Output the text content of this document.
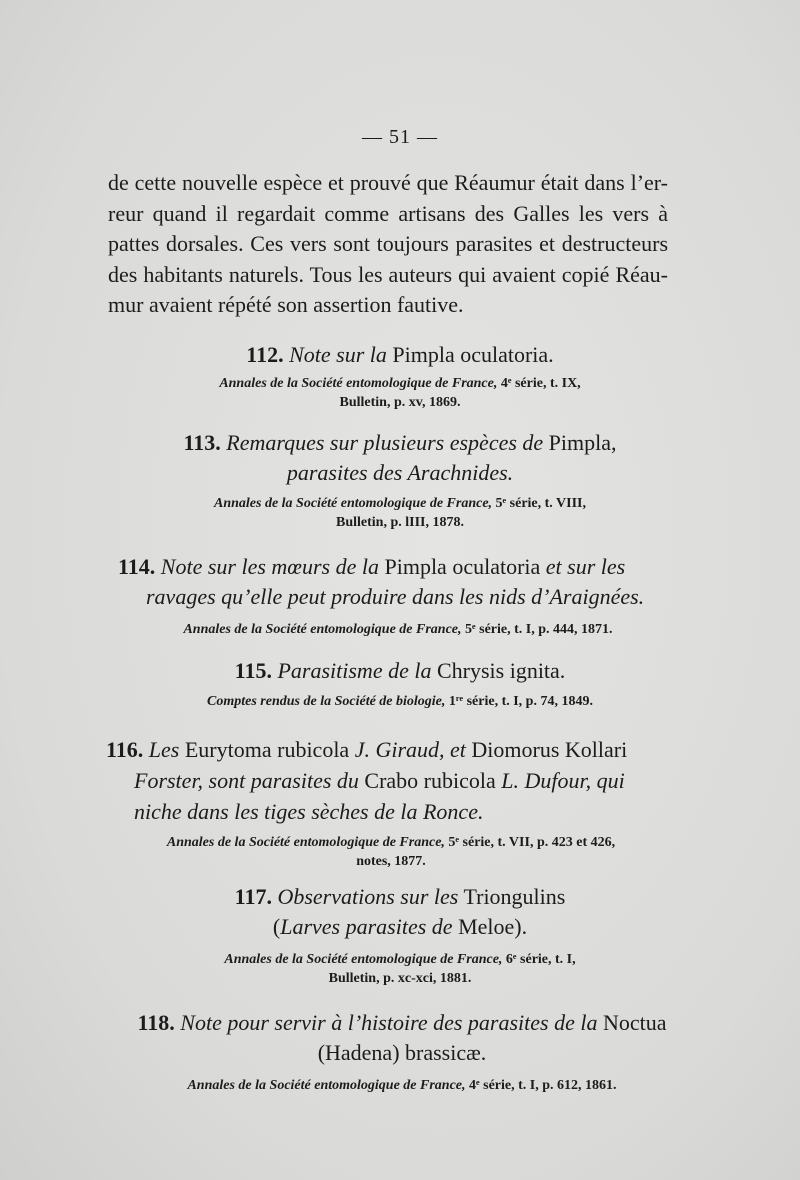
— 51 —
de cette nouvelle espèce et prouvé que Réaumur était dans l’er-
reur quand il regardait comme artisans des Galles les vers à
pattes dorsales. Ces vers sont toujours parasites et destructeurs
des habitants naturels. Tous les auteurs qui avaient copié Réau-
mur avaient répété son assertion fautive.
112. Note sur la Pimpla oculatoria.
Annales de la Société entomologique de France, 4ᵉ série, t. IX,
Bulletin, p. xv, 1869.
113. Remarques sur plusieurs espèces de Pimpla,
parasites des Arachnides.
Annales de la Société entomologique de France, 5ᵉ série, t. VIII,
Bulletin, p. lIII, 1878.
114. Note sur les mœurs de la Pimpla oculatoria et sur les
ravages qu’elle peut produire dans les nids d’Araignées.
Annales de la Société entomologique de France, 5ᵉ série, t. I, p. 444, 1871.
115. Parasitisme de la Chrysis ignita.
Comptes rendus de la Société de biologie, 1ʳᵉ série, t. I, p. 74, 1849.
116. Les Eurytoma rubicola J. Giraud, et Diomorus Kollari
Forster, sont parasites du Crabo rubicola L. Dufour, qui
niche dans les tiges sèches de la Ronce.
Annales de la Société entomologique de France, 5ᵉ série, t. VII, p. 423 et 426,
notes, 1877.
117. Observations sur les Triongulins
(Larves parasites de Meloe).
Annales de la Société entomologique de France, 6ᵉ série, t. I,
Bulletin, p. xc-xci, 1881.
118. Note pour servir à l’histoire des parasites de la Noctua
(Hadena) brassicæ.
Annales de la Société entomologique de France, 4ᵉ série, t. I, p. 612, 1861.
